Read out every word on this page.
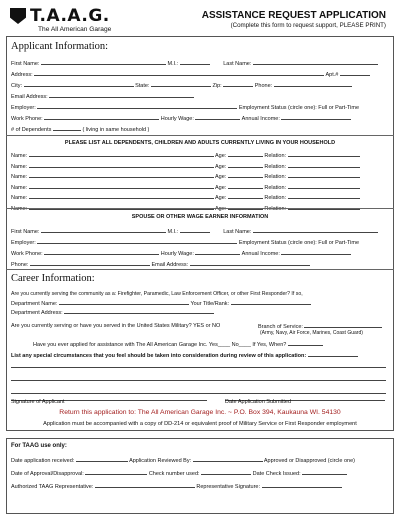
T.A.A.G.
The All American Garage
ASSISTANCE REQUEST APPLICATION
(Complete this form to request support, PLEASE PRINT)
Applicant Information:
First Name:	M.I.:	Last Name:
Address:	Apt.#
City:	State:	Zip:	Phone:
Email Address:
Employer:	Employment Status (circle one): Full or Part-Time
Work Phone:	Hourly Wage:	Annual Income:
# of Dependents	( living in same household )
PLEASE LIST ALL DEPENDENTS, CHILDREN AND ADULTS CURRENTLY LIVING IN YOUR HOUSEHOLD
Name:	Age:	Relation:
Name:	Age:	Relation:
Name:	Age:	Relation:
Name:	Age:	Relation:
Name:	Age:	Relation:
Name:	Age:	Relation:
SPOUSE OR OTHER WAGE EARNER INFORMATION
First Name:	M.I.:	Last Name:
Employer:	Employment Status (circle one): Full or Part-Time
Work Phone:	Hourly Wage:	Annual Income:
Phone:	Email Address:
Career Information:
Are you currently serving the community as a: Firefighter, Paramedic, Law Enforcement Officer, or other First Responder? If so,
Department Name:	Your Title/Rank:
Department Address:
Are you currently serving or have you served in the United States Military? YES or NO	Branch of Service:
(Army, Navy, Air Force, Marines, Coast Guard)
Have you ever applied for assistance with The All American Garage Inc. Yes____ No____ If Yes, When?
List any special circumstances that you feel should be taken into consideration during review of this application:
Signature of Applicant	Date Application Submitted
Return this application to: The All American Garage Inc. ~ P.O. Box 394, Kaukauna WI. 54130
Application must be accompanied with a copy of DD-214 or equivalent proof of Military Service or First Responder employment
For TAAG use only:
Date application received:	Application Reviewed By:	Approved or Disapproved (circle one)
Date of Approval/Disapproval:	Check number used:	Date Check Issued:
Authorized TAAG Representative:	Representative Signature:
